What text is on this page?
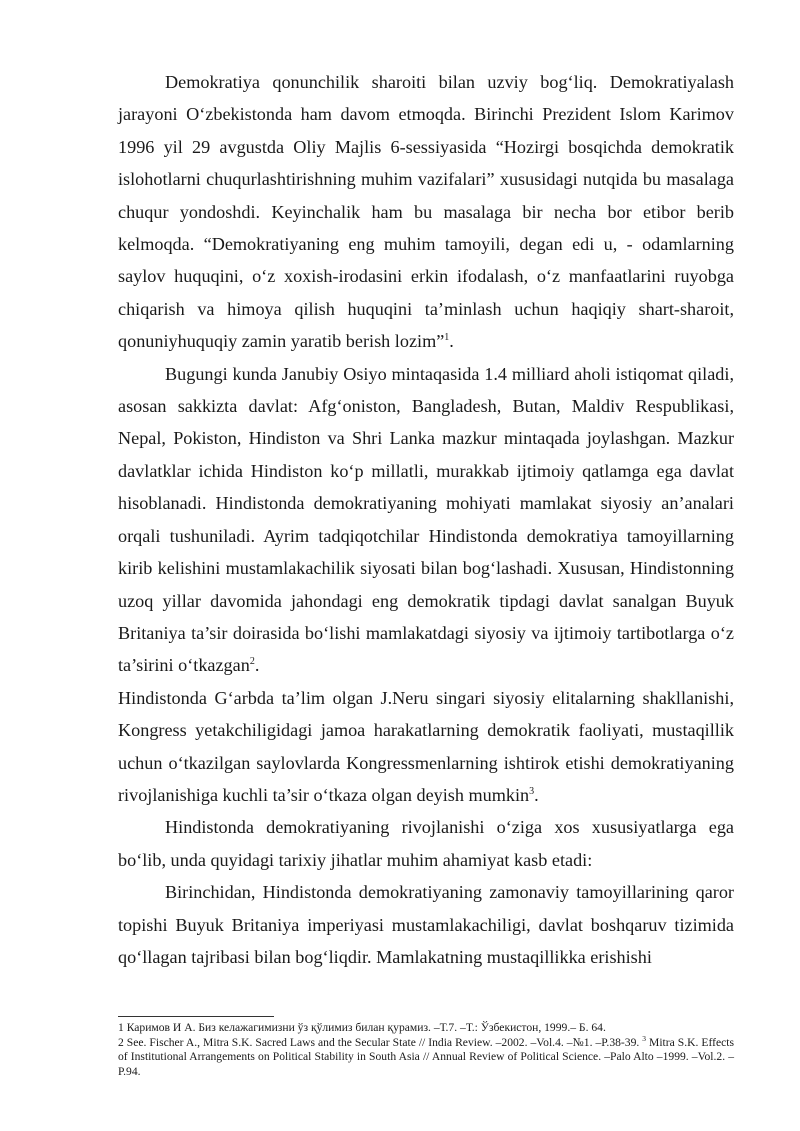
Demokratiya qonunchilik sharoiti bilan uzviy bog‘liq. Demokratiyalash jarayoni O‘zbekistonda ham davom etmoqda. Birinchi Prezident Islom Karimov 1996 yil 29 avgustda Oliy Majlis 6-sessiyasida “Hozirgi bosqichda demokratik islohotlarni chuqurlashtirishning muhim vazifalari” xususidagi nutqida bu masalaga chuqur yondoshdi. Keyinchalik ham bu masalaga bir necha bor etibor berib kelmoqda. “Demokratiyaning eng muhim tamoyili, degan edi u, - odamlarning saylov huquqini, o‘z xoxish-irodasini erkin ifodalash, o‘z manfaatlarini ruyobga chiqarish va himoya qilish huquqini ta’minlash uchun haqiqiy shart-sharoit, qonuniyhuquqiy zamin yaratib berish lozim”$^1$.

Bugungi kunda Janubiy Osiyo mintaqasida 1.4 milliard aholi istiqomat qiladi, asosan sakkizta davlat: Afg‘oniston, Bangladesh, Butan, Maldiv Respublikasi, Nepal, Pokiston, Hindiston va Shri Lanka mazkur mintaqada joylashgan. Mazkur davlatklar ichida Hindiston ko‘p millatli, murakkab ijtimoiy qatlamga ega davlat hisoblanadi. Hindistonda demokratiyaning mohiyati mamlakat siyosiy an’analari orqali tushuniladi. Ayrim tadqiqotchilar Hindistonda demokratiya tamoyillarning kirib kelishini mustamlakachilik siyosati bilan bog‘lashadi. Xususan, Hindistonning uzoq yillar davomida jahondagi eng demokratik tipdagi davlat sanalgan Buyuk Britaniya ta’sir doirasida bo‘lishi mamlakatdagi siyosiy va ijtimoiy tartibotlarga o‘z ta’sirini o‘tkazgan$^2$.

Hindistonda G‘arbda ta’lim olgan J.Neru singari siyosiy elitalarning shakllanishi, Kongress yetakchiligidagi jamoa harakatlarning demokratik faoliyati, mustaqillik uchun o‘tkazilgan saylovlarda Kongressmenlarning ishtirok etishi demokratiyaning rivojlanishiga kuchli ta’sir o‘tkaza olgan deyish mumkin$^3$.

Hindistonda demokratiyaning rivojlanishi o‘ziga xos xususiyatlarga ega bo‘lib, unda quyidagi tarixiy jihatlar muhim ahamiyat kasb etadi:

Birinchidan, Hindistonda demokratiyaning zamonaviy tamoyillarining qaror topishi Buyuk Britaniya imperiyasi mustamlakachiligi, davlat boshqaruv tizimida qo‘llagan tajribasi bilan bog‘liqdir. Mamlakatning mustaqillikka erishishi

1 Каримов И А. Биз келажагимизни ўз қўлимиз билан қурамиз. –Т.7. –Т.: Ўзбекистон, 1999.– Б. 64.

2 See. Fischer A., Mitra S.K. Sacred Laws and the Secular State // India Review. –2002. –Vol.4. –№1. –P.38-39. $^3$ Mitra S.K. Effects of Institutional Arrangements on Political Stability in South Asia // Annual Review of Political Science. –Palo Alto –1999. –Vol.2. –P.94.
